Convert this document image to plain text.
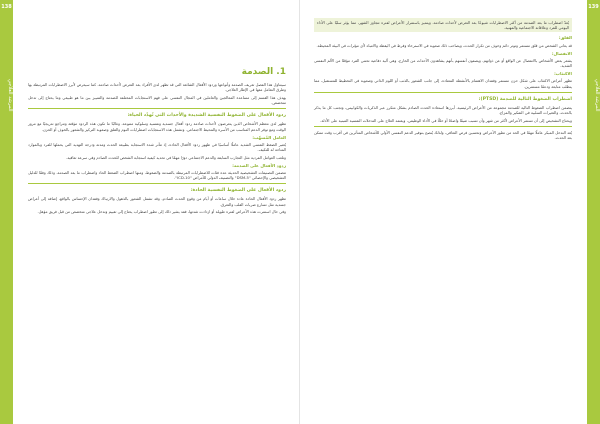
138
المرشد العلاجي
1. الصدمة

سيتناول هذا الفصل تعريف الصدمة وأنواعها وردود الأفعال الشائعة التي قد تظهر لدى الأفراد بعد التعرض لأحداث صادمة، كما سيعرض لأبرز الاضطرابات المرتبطة بها وطرق التعامل معها في الإطار العلاجي.

يهدف هذا القسم إلى مساعدة المعالجين والعاملين في المجال النفسي على فهم الاستجابات المختلفة للصدمة والتمييز بين ما هو طبيعي وما يحتاج إلى تدخل متخصص.

ردود الأفعال على الضغوط النفسية الشديدة والأحداث التي تُهدّد الحياة:

تظهر لدى معظم الأشخاص الذين يتعرضون لأحداث صادمة ردود أفعال جسدية ونفسية وسلوكية متنوعة، وغالبًا ما تكون هذه الردود مؤقتة وتتراجع تدريجيًا مع مرور الوقت ومع توفر الدعم المناسب من الأسرة والمحيط الاجتماعي. وتشمل هذه الاستجابات اضطرابات النوم والقلق وصعوبة التركيز والشعور بالخوف أو الحزن.

العامل المُسهّب:

يُعتبر الضغط النفسي الشديد عاملًا أساسيًا في ظهور ردود الأفعال الحادة، إذ تتأثر شدة الاستجابة بطبيعة الحدث ومدته ودرجة التهديد التي يحملها للفرد وبالموارد المتاحة له للتكيف.

وتلعب العوامل الفردية مثل التجارب السابقة والدعم الاجتماعي دورًا مهمًا في تحديد كيفية استجابة الشخص للحدث الصادم وفي سرعة تعافيه.

ردود الأفعال على الصدمة:

تتضمن التصنيفات التشخيصية الحديثة عدة فئات للاضطرابات المرتبطة بالصدمة والضغوط، ومنها اضطراب الضغط الحاد واضطراب ما بعد الصدمة، وذلك وفقًا للدليل التشخيصي والإحصائي "DSM-5" والتصنيف الدولي للأمراض "ICD-10".

ردود الأفعال على الضغوط النفسية الحادة:

تظهر ردود الأفعال الحادة عادة خلال ساعات أو أيام من وقوع الحدث الصادم، وقد تشمل الشعور بالذهول والارتباك وفقدان الإحساس بالواقع، إضافة إلى أعراض جسدية مثل تسارع ضربات القلب والتعرق.

وفي حال استمرت هذه الأعراض لفترة طويلة أو ازدادت شدتها، فقد يشير ذلك إلى تطور اضطراب يحتاج إلى تقييم وتدخل علاجي متخصص من قبل فريق مؤهل.

139
المرشد العلاجي

يُعدّ اضطراب ما بعد الصدمة من أكثر الاضطرابات شيوعًا بعد التعرض لأحداث صادمة، ويتميز باستمرار الأعراض لفترة تتجاوز الشهر، مما يؤثر سلبًا على الأداء اليومي للفرد وعلاقاته الاجتماعية والمهنية.

القلق:

قد يعاني الشخص من قلق مستمر وتوتر دائم وخوف من تكرار الحدث، ويصاحب ذلك صعوبة في الاسترخاء وفرط في اليقظة والانتباه لأي مؤثرات في البيئة المحيطة.

الانفصال:

يشعر بعض الأشخاص بالانفصال عن الواقع أو عن ذواتهم، ويصفون أنفسهم بأنهم يشاهدون الأحداث من الخارج، وهي آلية دفاعية تحمي الفرد مؤقتًا من الألم النفسي الشديد.

الاكتئاب:

تظهر أعراض الاكتئاب على شكل حزن مستمر وفقدان الاهتمام بالأنشطة المعتادة، إلى جانب الشعور بالذنب أو اللوم الذاتي وصعوبة في التخطيط للمستقبل، مما يتطلب متابعة ودعمًا مستمرين.

اضطراب الضغوط التالية للصدمة (PTSD):

يتضمن اضطراب الضغوط التالية للصدمة مجموعة من الأعراض الرئيسية، أبرزها استعادة الحدث الصادم بشكل متكرر عبر الذكريات والكوابيس، وتجنب كل ما يذكر بالحدث، والتغيرات السلبية في التفكير والمزاج.

ويحتاج التشخيص إلى أن تستمر الأعراض لأكثر من شهر وأن تسبب ضيقًا واضحًا أو خللًا في الأداء الوظيفي، ويعتمد العلاج على التدخلات النفسية المبنية على الأدلة.

يُعد التدخل المبكر عاملًا مهمًا في الحد من تطور الأعراض وتحسين فرص التعافي، ولذلك يُنصح بتوفير الدعم النفسي الأولي للأشخاص المتأثرين في أقرب وقت ممكن بعد الحدث.
